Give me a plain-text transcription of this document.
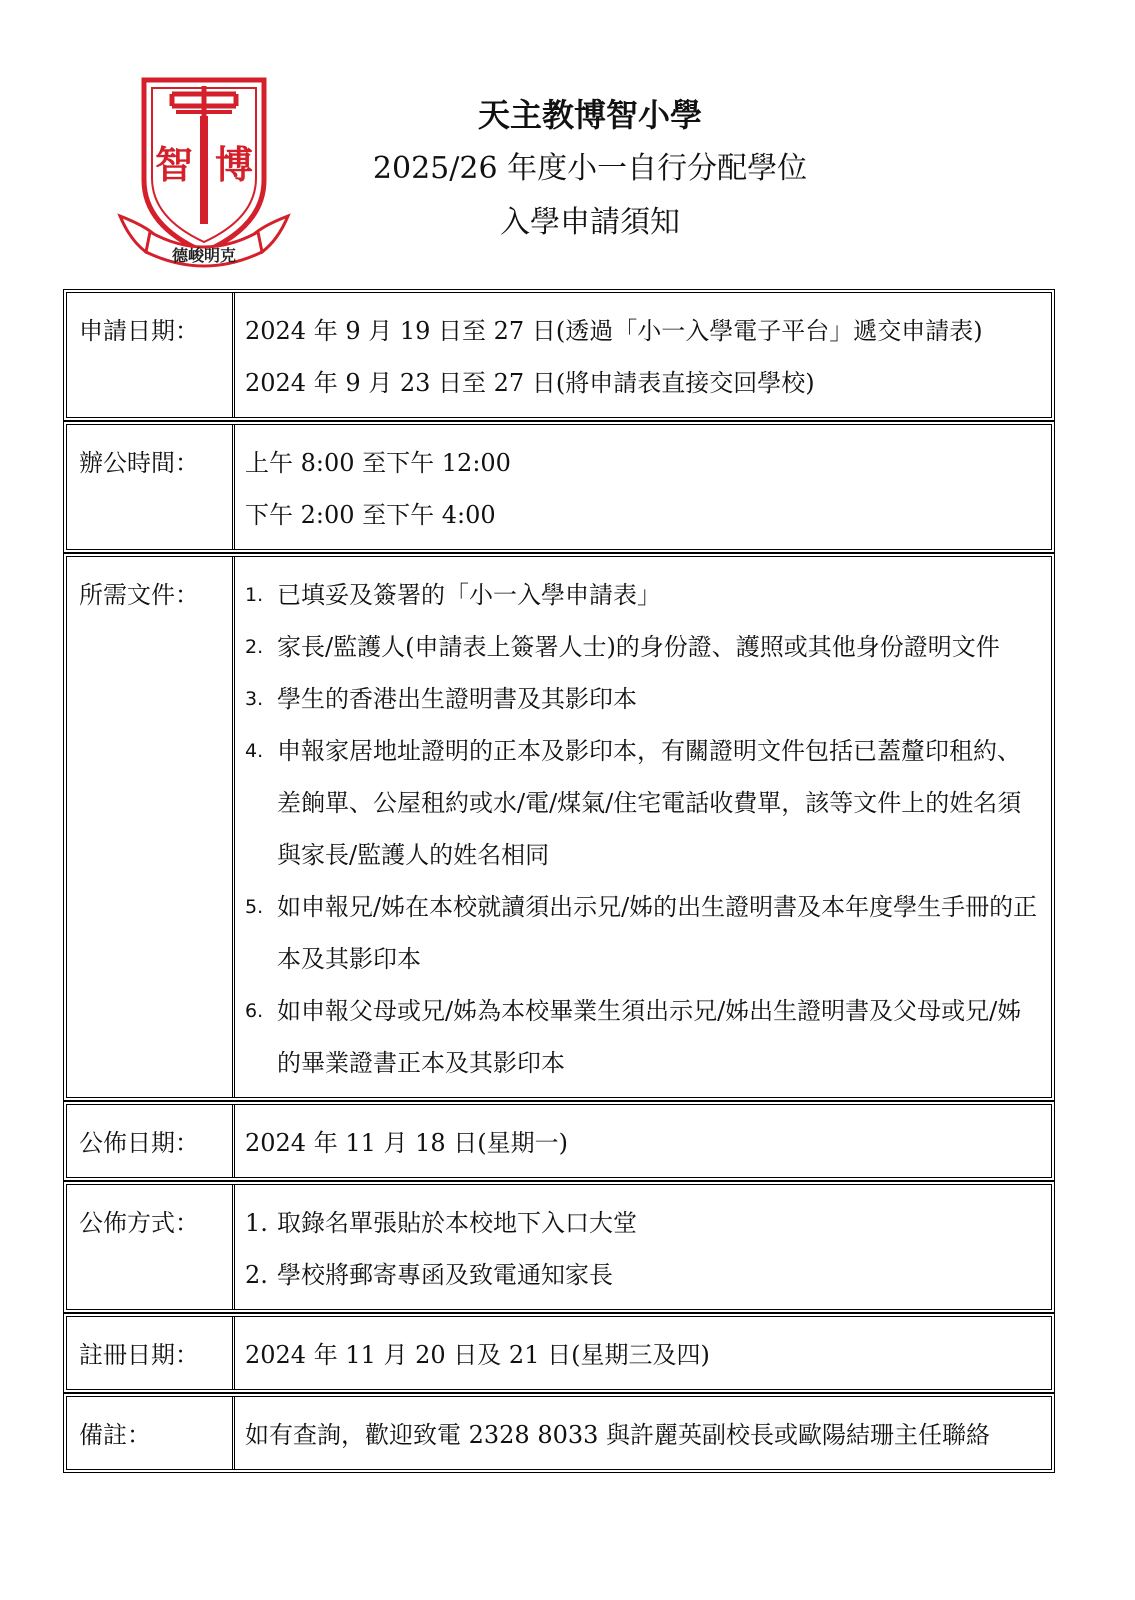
智 博
德峻明克
天主教博智小學
2025/26 年度小一自行分配學位
入學申請須知
申請日期：	2024 年 9 月 19 日至 27 日(透過「小一入學電子平台」遞交申請表)
2024 年 9 月 23 日至 27 日(將申請表直接交回學校)
辦公時間：	上午 8:00 至下午 12:00
下午 2:00 至下午 4:00
所需文件：	1. 已填妥及簽署的「小一入學申請表」
2. 家長/監護人(申請表上簽署人士)的身份證、護照或其他身份證明文件
3. 學生的香港出生證明書及其影印本
4. 申報家居地址證明的正本及影印本，有關證明文件包括已蓋釐印租約、差餉單、公屋租約或水/電/煤氣/住宅電話收費單，該等文件上的姓名須與家長/監護人的姓名相同
5. 如申報兄/姊在本校就讀須出示兄/姊的出生證明書及本年度學生手冊的正本及其影印本
6. 如申報父母或兄/姊為本校畢業生須出示兄/姊出生證明書及父母或兄/姊的畢業證書正本及其影印本
公佈日期：	2024 年 11 月 18 日(星期一)
公佈方式：	1. 取錄名單張貼於本校地下入口大堂
2. 學校將郵寄專函及致電通知家長
註冊日期：	2024 年 11 月 20 日及 21 日(星期三及四)
備註：	如有查詢，歡迎致電 2328 8033 與許麗英副校長或歐陽結珊主任聯絡
